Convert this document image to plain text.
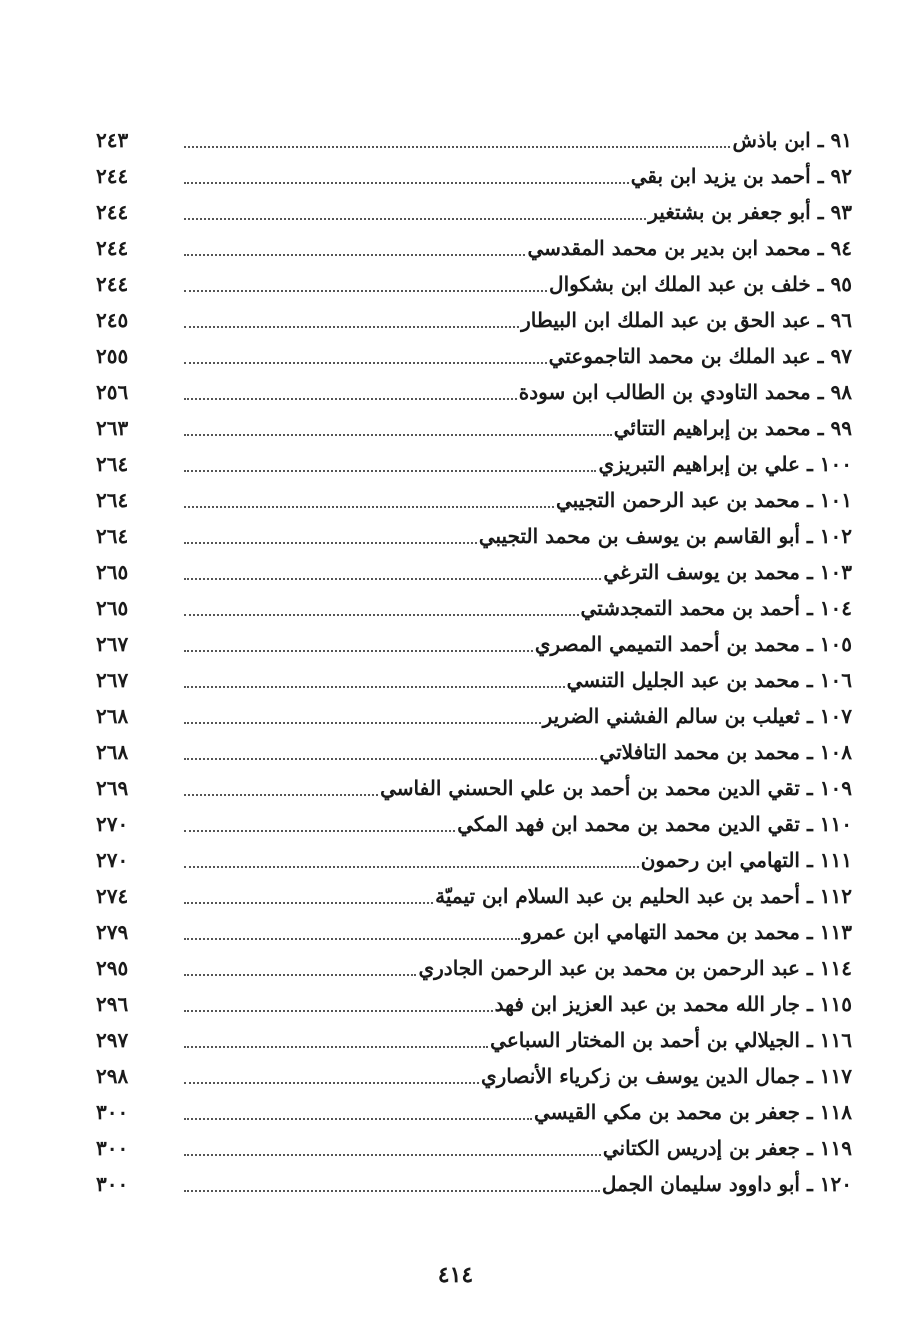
٩١ ـ ابن باذش
٢٤٣
٩٢ ـ أحمد بن يزيد ابن بقي
٢٤٤
٩٣ ـ أبو جعفر بن بشتغير
٢٤٤
٩٤ ـ محمد ابن بدير بن محمد المقدسي
٢٤٤
٩٥ ـ خلف بن عبد الملك ابن بشكوال
٢٤٤
٩٦ ـ عبد الحق بن عبد الملك ابن البيطار
٢٤٥
٩٧ ـ عبد الملك بن محمد التاجموعتي
٢٥٥
٩٨ ـ محمد التاودي بن الطالب ابن سودة
٢٥٦
٩٩ ـ محمد بن إبراهيم التتائي
٢٦٣
١٠٠ ـ علي بن إبراهيم التبريزي
٢٦٤
١٠١ ـ محمد بن عبد الرحمن التجيبي
٢٦٤
١٠٢ ـ أبو القاسم بن يوسف بن محمد التجيبي
٢٦٤
١٠٣ ـ محمد بن يوسف الترغي
٢٦٥
١٠٤ ـ أحمد بن محمد التمجدشتي
٢٦٥
١٠٥ ـ محمد بن أحمد التميمي المصري
٢٦٧
١٠٦ ـ محمد بن عبد الجليل التنسي
٢٦٧
١٠٧ ـ ثعيلب بن سالم الفشني الضرير
٢٦٨
١٠٨ ـ محمد بن محمد التافلاتي
٢٦٨
١٠٩ ـ تقي الدين محمد بن أحمد بن علي الحسني الفاسي
٢٦٩
١١٠ ـ تقي الدين محمد بن محمد ابن فهد المكي
٢٧٠
١١١ ـ التهامي ابن رحمون
٢٧٠
١١٢ ـ أحمد بن عبد الحليم بن عبد السلام ابن تيميّة
٢٧٤
١١٣ ـ محمد بن محمد التهامي ابن عمرو
٢٧٩
١١٤ ـ عبد الرحمن بن محمد بن عبد الرحمن الجادري
٢٩٥
١١٥ ـ جار الله محمد بن عبد العزيز ابن فهد
٢٩٦
١١٦ ـ الجيلالي بن أحمد بن المختار السباعي
٢٩٧
١١٧ ـ جمال الدين يوسف بن زكرياء الأنصاري
٢٩٨
١١٨ ـ جعفر بن محمد بن مكي القيسي
٣٠٠
١١٩ ـ جعفر بن إدريس الكتاني
٣٠٠
١٢٠ ـ أبو داوود سليمان الجمل
٣٠٠
٤١٤
